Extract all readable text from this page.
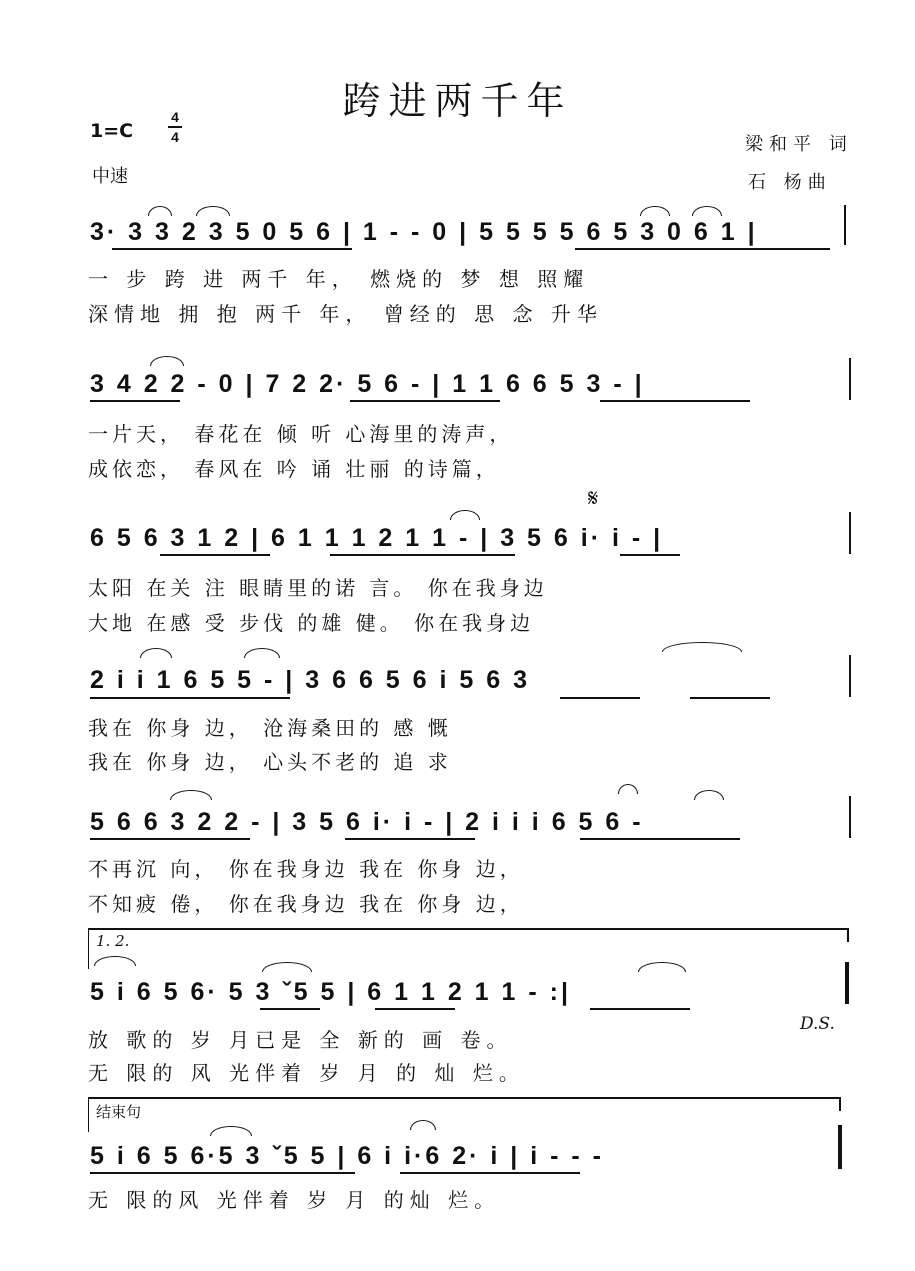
跨进两千年
1=C
4
4
中速
梁和平 词
石 杨曲
3· 3 3 2 3 5 0 5 6 | 1 - - 0 | 5 5 5 5 6 5 3 0 6 1 |
一 步 跨 进 两千 年， 燃烧的 梦 想 照耀
深情地 拥 抱 两千 年， 曾经的 思 念 升华
3 4 2 2 - 0 | 7 2 2· 5 6 - | 1 1 6 6 5 3 - |
一片天， 春花在 倾 听 心海里的涛声，
成依恋， 春风在 吟 诵 壮丽 的诗篇，
𝄋
6 5 6 3 1 2 | 6 1 1 1 2 1 1 - | 3 5 6 i· i - |
太阳 在关 注 眼睛里的诺 言。 你在我身边
大地 在感 受 步伐 的雄 健。 你在我身边
2 i i 1 6 5 5 - | 3 6 6 5 6 i 5 6 3
我在 你身 边， 沧海桑田的 感 慨
我在 你身 边， 心头不老的 追 求
5 6 6 3 2 2 - | 3 5 6 i· i - | 2 i i i 6 5 6 -
不再沉 向， 你在我身边 我在 你身 边，
不知疲 倦， 你在我身边 我在 你身 边，
1. 2.
5 i 6 5 6· 5 3 ˇ5 5 | 6 1 1 2 1 1 - :|
D.S.
放 歌的 岁 月已是 全 新的 画 卷。
无 限的 风 光伴着 岁 月 的 灿 烂。
结束句
5 i 6 5 6·5 3 ˇ5 5 | 6 i i·6 2· i | i - - -
无 限的风 光伴着 岁 月 的灿 烂。
